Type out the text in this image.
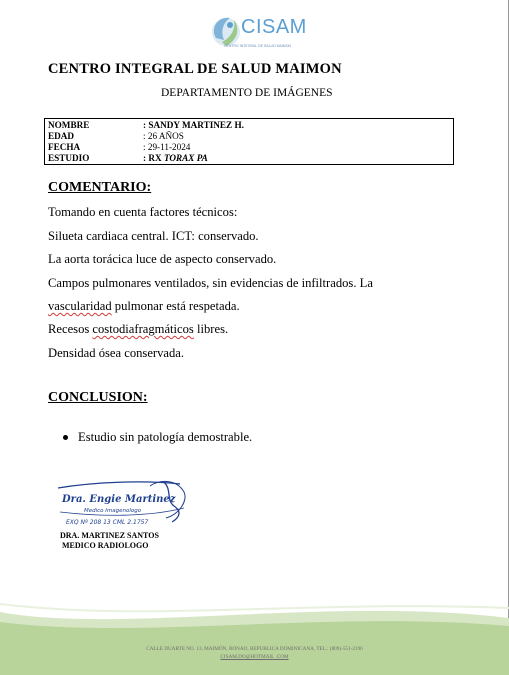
CISAM
CENTRO INTEGRAL DE SALUD MAIMON
CENTRO INTEGRAL DE SALUD MAIMON
DEPARTAMENTO DE IMÁGENES
NOMBRE	: SANDY MARTINEZ H.
EDAD	: 26 AÑOS
FECHA	: 29-11-2024
ESTUDIO	: RX TORAX PA
COMENTARIO:
Tomando en cuenta factores técnicos:
Silueta cardiaca central. ICT: conservado.
La aorta torácica luce de aspecto conservado.
Campos pulmonares ventilados, sin evidencias de infiltrados. La
vascularidad pulmonar está respetada.
Recesos costodiafragmáticos libres.
Densidad ósea conservada.
CONCLUSION:
Estudio sin patología demostrable.
Dra. Engie Martinez
Medico Imagenologo
EXQ Nº 208 13 CML 2.1757
DRA. MARTINEZ SANTOS
MEDICO RADIOLOGO
CALLE DUARTE NO. 13, MAIMÓN, BONAO, REPUBLICA DOMINICANA, TEL.: (809)-551-2196
CISAM.DO@HOTMAIL .COM
